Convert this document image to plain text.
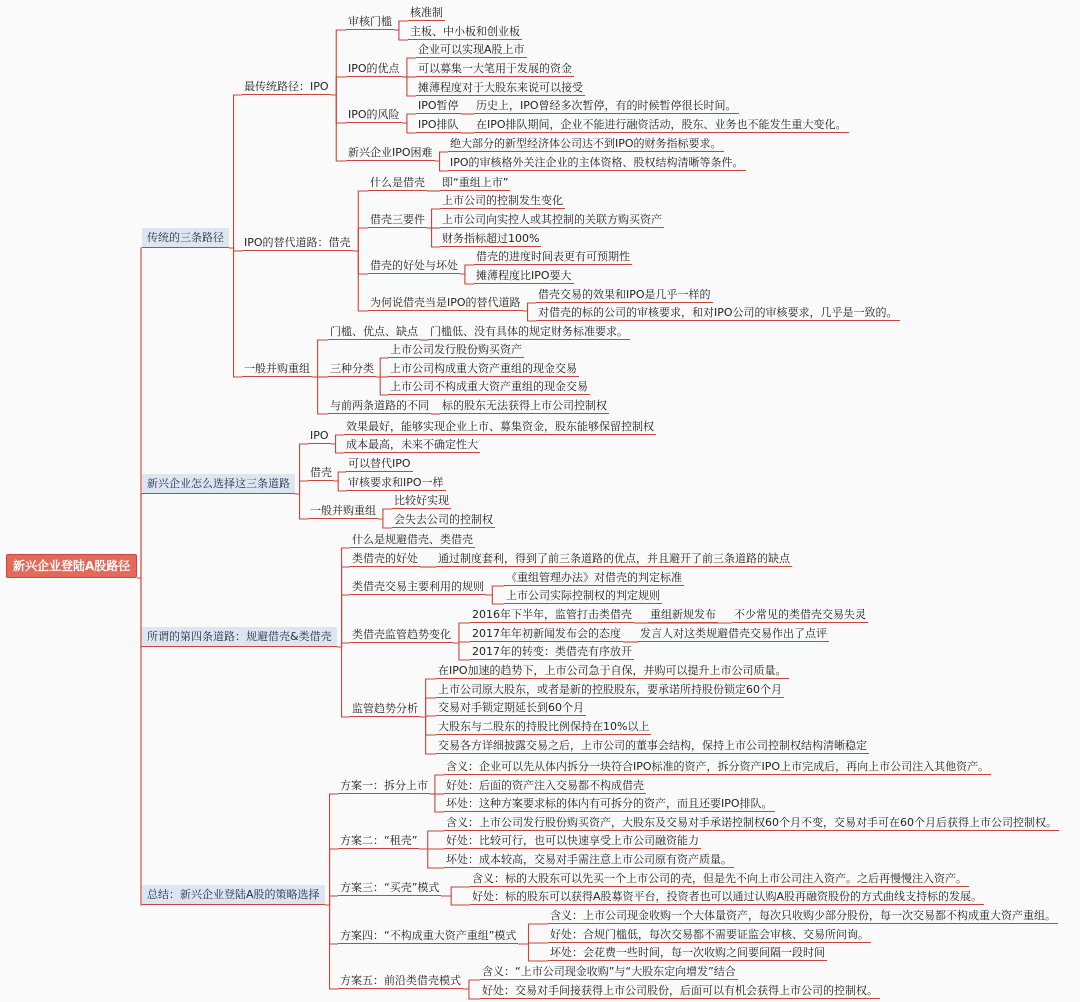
新兴企业登陆A股路径
传统的三条路径
最传统路径：IPO
审核门槛
核准制
主板、中小板和创业板
IPO的优点
企业可以实现A股上市
可以募集一大笔用于发展的资金
摊薄程度对于大股东来说可以接受
IPO的风险
IPO暂停 历史上，IPO曾经多次暂停，有的时候暂停很长时间。
IPO排队 在IPO排队期间，企业不能进行融资活动，股东、业务也不能发生重大变化。
新兴企业IPO困难
绝大部分的新型经济体公司达不到IPO的财务指标要求。
IPO的审核格外关注企业的主体资格、股权结构清晰等条件。
IPO的替代道路：借壳
什么是借壳 即“重组上市”
借壳三要件
上市公司的控制发生变化
上市公司向实控人或其控制的关联方购买资产
财务指标超过100%
借壳的好处与坏处
借壳的进度时间表更有可预期性
摊薄程度比IPO要大
为何说借壳当是IPO的替代道路
借壳交易的效果和IPO是几乎一样的
对借壳的标的公司的审核要求，和对IPO公司的审核要求，几乎是一致的。
一般并购重组
门槛、优点、缺点 门槛低、没有具体的规定财务标准要求。
三种分类
上市公司发行股份购买资产
上市公司构成重大资产重组的现金交易
上市公司不构成重大资产重组的现金交易
与前两条道路的不同 标的股东无法获得上市公司控制权
新兴企业怎么选择这三条道路
IPO
效果最好，能够实现企业上市、募集资金，股东能够保留控制权
成本最高，未来不确定性大
借壳
可以替代IPO
审核要求和IPO一样
一般并购重组
比较好实现
会失去公司的控制权
所谓的第四条道路：规避借壳&类借壳
什么是规避借壳、类借壳
类借壳的好处 通过制度套利，得到了前三条道路的优点，并且避开了前三条道路的缺点
类借壳交易主要利用的规则
《重组管理办法》对借壳的判定标准
上市公司实际控制权的判定规则
类借壳监管趋势变化
2016年下半年，监管打击类借壳 重组新规发布 不少常见的类借壳交易失灵
2017年年初新闻发布会的态度 发言人对这类规避借壳交易作出了点评
2017年的转变：类借壳有序放开
监管趋势分析
在IPO加速的趋势下，上市公司急于自保，并购可以提升上市公司质量。
上市公司原大股东，或者是新的控股股东，要承诺所持股份锁定60个月
交易对手锁定期延长到60个月
大股东与二股东的持股比例保持在10%以上
交易各方详细披露交易之后，上市公司的董事会结构，保持上市公司控制权结构清晰稳定
总结：新兴企业登陆A股的策略选择
方案一：拆分上市
含义：企业可以先从体内拆分一块符合IPO标准的资产，拆分资产IPO上市完成后，再向上市公司注入其他资产。
好处：后面的资产注入交易都不构成借壳
坏处：这种方案要求标的体内有可拆分的资产，而且还要IPO排队。
方案二：“租壳”
含义：上市公司发行股份购买资产，大股东及交易对手承诺控制权60个月不变，交易对手可在60个月后获得上市公司控制权。
好处：比较可行，也可以快速享受上市公司融资能力
坏处：成本较高，交易对手需注意上市公司原有资产质量。
方案三：“买壳”模式
含义：标的大股东可以先买一个上市公司的壳，但是先不向上市公司注入资产。之后再慢慢注入资产。
好处：标的股东可以获得A股募资平台，投资者也可以通过认购A股再融资股份的方式曲线支持标的发展。
方案四：“不构成重大资产重组”模式
含义：上市公司现金收购一个大体量资产，每次只收购少部分股份，每一次交易都不构成重大资产重组。
好处：合规门槛低，每次交易都不需要证监会审核、交易所问询。
坏处：会花费一些时间，每一次收购之间要间隔一段时间
方案五：前沿类借壳模式
含义：“上市公司现金收购”与“大股东定向增发”结合
好处：交易对手间接获得上市公司股份，后面可以有机会获得上市公司的控制权。
